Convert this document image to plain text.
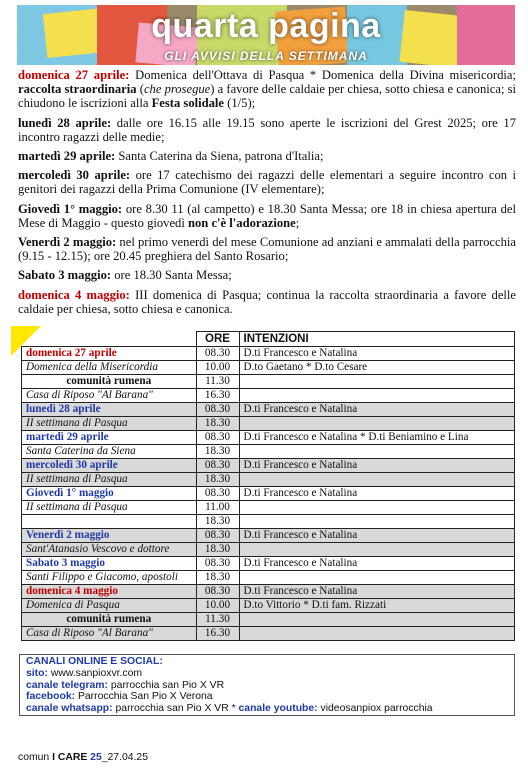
quarta pagina
GLI AVVISI DELLA SETTIMANA

domenica 27 aprile: Domenica dell'Ottava di Pasqua * Domenica della Divina misericordia; raccolta straordinaria (che prosegue) a favore delle caldaie per chiesa, sotto chiesa e canonica; si chiudono le iscrizioni alla Festa solidale (1/5);

lunedì 28 aprile: dalle ore 16.15 alle 19.15 sono aperte le iscrizioni del Grest 2025; ore 17 incontro ragazzi delle medie;

martedì 29 aprile: Santa Caterina da Siena, patrona d'Italia;

mercoledì 30 aprile: ore 17 catechismo dei ragazzi delle elementari a seguire incontro con i genitori dei ragazzi della Prima Comunione (IV elementare);

Giovedì 1° maggio: ore 8.30 11 (al campetto) e 18.30 Santa Messa; ore 18 in chiesa apertura del Mese di Maggio - questo giovedì non c'è l'adorazione;

Venerdì 2 maggio: nel primo venerdì del mese Comunione ad anziani e ammalati della parrocchia (9.15 - 12.15); ore 20.45 preghiera del Santo Rosario;

Sabato 3 maggio: ore 18.30 Santa Messa;

domenica 4 maggio: III domenica di Pasqua; continua la raccolta straordinaria a favore delle caldaie per chiesa, sotto chiesa e canonica.

	ORE	INTENZIONI
domenica 27 aprile	08.30	D.ti Francesco e Natalina
Domenica della Misericordia	10.00	D.to Gaetano * D.to Cesare
comunità rumena	11.30	
Casa di Riposo "Al Barana"	16.30	
lunedì 28 aprile	08.30	D.ti Francesco e Natalina
II settimana di Pasqua	18.30	
martedì 29 aprile	08.30	D.ti Francesco e Natalina * D.ti Beniamino e Lina
Santa Caterina da Siena	18.30	
mercoledì 30 aprile	08.30	D.ti Francesco e Natalina
II settimana di Pasqua	18.30	
Giovedì 1° maggio	08.30	D.ti Francesco e Natalina
II settimana di Pasqua	11.00	
	18.30	
Venerdì 2 maggio	08.30	D.ti Francesco e Natalina
Sant'Atanasio Vescovo e dottore	18.30	
Sabato 3 maggio	08.30	D.ti Francesco e Natalina
Santi Filippo e Giacomo, apostoli	18.30	
domenica 4 maggio	08.30	D.ti Francesco e Natalina
Domenica di Pasqua	10.00	D.to Vittorio * D.ti fam. Rizzati
comunità rumena	11.30	
Casa di Riposo "Al Barana"	16.30	
CANALI ONLINE E SOCIAL:
sito: www.sanpioxvr.com
canale telegram: parrocchia san Pio X VR
facebook: Parrocchia San Pio X Verona
canale whatsapp: parrocchia san Pio X VR * canale youtube: videosanpiox parrocchia
comun I CARE 25_27.04.25
